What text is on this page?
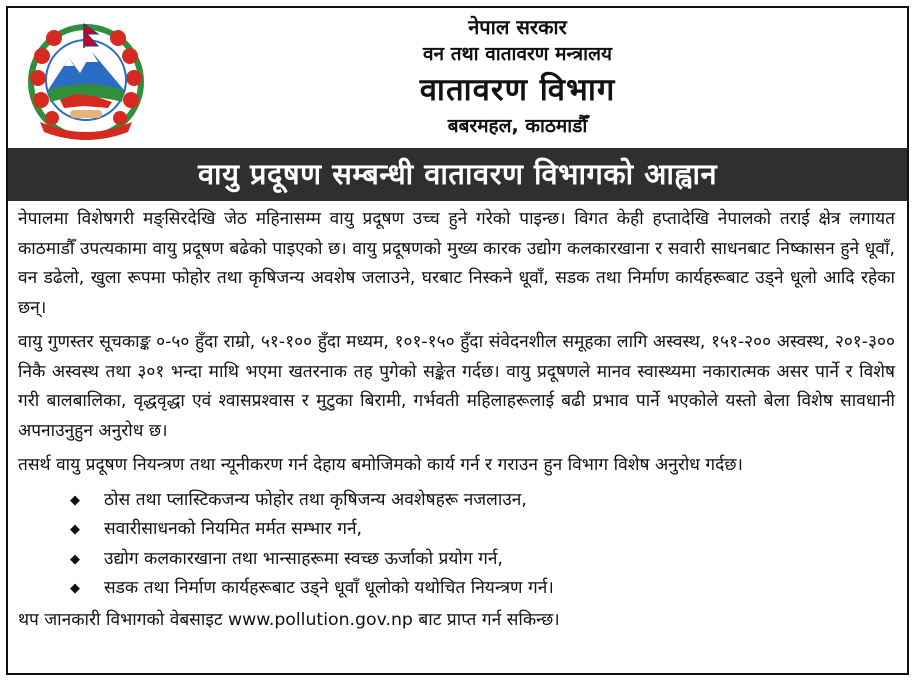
नेपाल सरकार
वन तथा वातावरण मन्त्रालय
वातावरण विभाग
बबरमहल, काठमाडौँ
वायु प्रदूषण सम्बन्धी वातावरण विभागको आह्वान

नेपालमा विशेषगरी मङ्सिरदेखि जेठ महिनासम्म वायु प्रदूषण उच्च हुने गरेको पाइन्छ। विगत केही हप्तादेखि नेपालको तराई क्षेत्र लगायत काठमाडौँ उपत्यकामा वायु प्रदूषण बढेको पाइएको छ। वायु प्रदूषणको मुख्य कारक उद्योग कलकारखाना र सवारी साधनबाट निष्कासन हुने धूवाँ, वन डढेलो, खुला रूपमा फोहोर तथा कृषिजन्य अवशेष जलाउने, घरबाट निस्कने धूवाँ, सडक तथा निर्माण कार्यहरूबाट उड्ने धूलो आदि रहेका छन्।

वायु गुणस्तर सूचकाङ्क ०-५० हुँदा राम्रो, ५१-१०० हुँदा मध्यम, १०१-१५० हुँदा संवेदनशील समूहका लागि अस्वस्थ, १५१-२०० अस्वस्थ, २०१-३०० निकै अस्वस्थ तथा ३०१ भन्दा माथि भएमा खतरनाक तह पुगेको सङ्केत गर्दछ। वायु प्रदूषणले मानव स्वास्थ्यमा नकारात्मक असर पार्ने र विशेष गरी बालबालिका, वृद्धवृद्धा एवं श्वासप्रश्वास र मुटुका बिरामी, गर्भवती महिलाहरूलाई बढी प्रभाव पार्ने भएकोले यस्तो बेला विशेष सावधानी अपनाउनुहुन अनुरोध छ।

तसर्थ वायु प्रदूषण नियन्त्रण तथा न्यूनीकरण गर्न देहाय बमोजिमको कार्य गर्न र गराउन हुन विभाग विशेष अनुरोध गर्दछ।

◆ ठोस तथा प्लास्टिकजन्य फोहोर तथा कृषिजन्य अवशेषहरू नजलाउन,
◆ सवारीसाधनको नियमित मर्मत सम्भार गर्न,
◆ उद्योग कलकारखाना तथा भान्साहरूमा स्वच्छ ऊर्जाको प्रयोग गर्न,
◆ सडक तथा निर्माण कार्यहरूबाट उड्ने धूवाँ धूलोको यथोचित नियन्त्रण गर्न।

थप जानकारी विभागको वेबसाइट www.pollution.gov.np बाट प्राप्त गर्न सकिन्छ।
